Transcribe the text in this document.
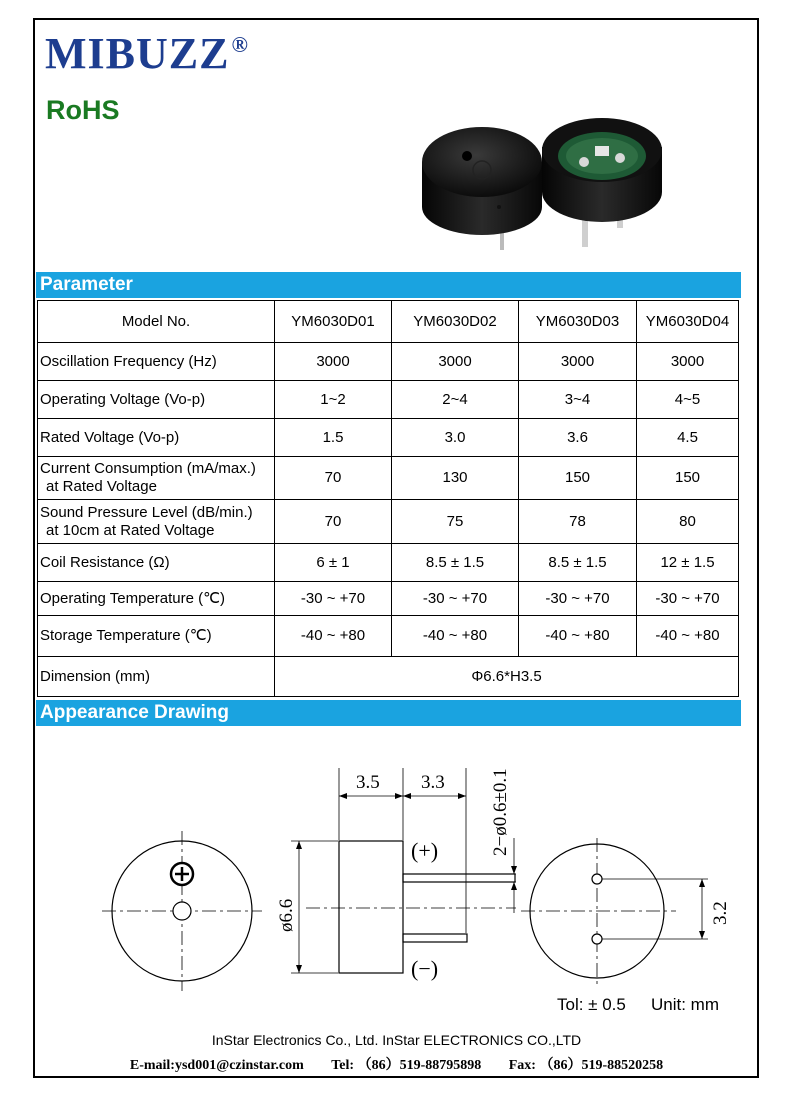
MIBUZZ®
RoHS
Parameter
Model No.	YM6030D01	YM6030D02	YM6030D03	YM6030D04
Oscillation Frequency (Hz)	3000	3000	3000	3000
Operating Voltage (Vo-p)	1~2	2~4	3~4	4~5
Rated Voltage (Vo-p)	1.5	3.0	3.6	4.5

Current Consumption (mA/max.)
at Rated Voltage	70	130	150	150

Sound Pressure Level (dB/min.)
at 10cm at Rated Voltage	70	75	78	80
Coil Resistance (Ω)	6 ± 1	8.5 ± 1.5	8.5 ± 1.5	12 ± 1.5
Operating Temperature (℃)	-30 ~ +70	-30 ~ +70	-30 ~ +70	-30 ~ +70
Storage Temperature (℃)	-40 ~ +80	-40 ~ +80	-40 ~ +80	-40 ~ +80
Dimension (mm)	Φ6.6*H3.5			
Appearance Drawing
3.5 3.3 2−ø0.6±0.1
ø6.6	3.2
(+)
(−)
Tol: ± 0.5 Unit: mm
InStar Electronics Co., Ltd. InStar ELECTRONICS CO.,LTD
E-mail:ysd001@czinstar.com Tel: （86）519-88795898 Fax: （86）519-88520258
